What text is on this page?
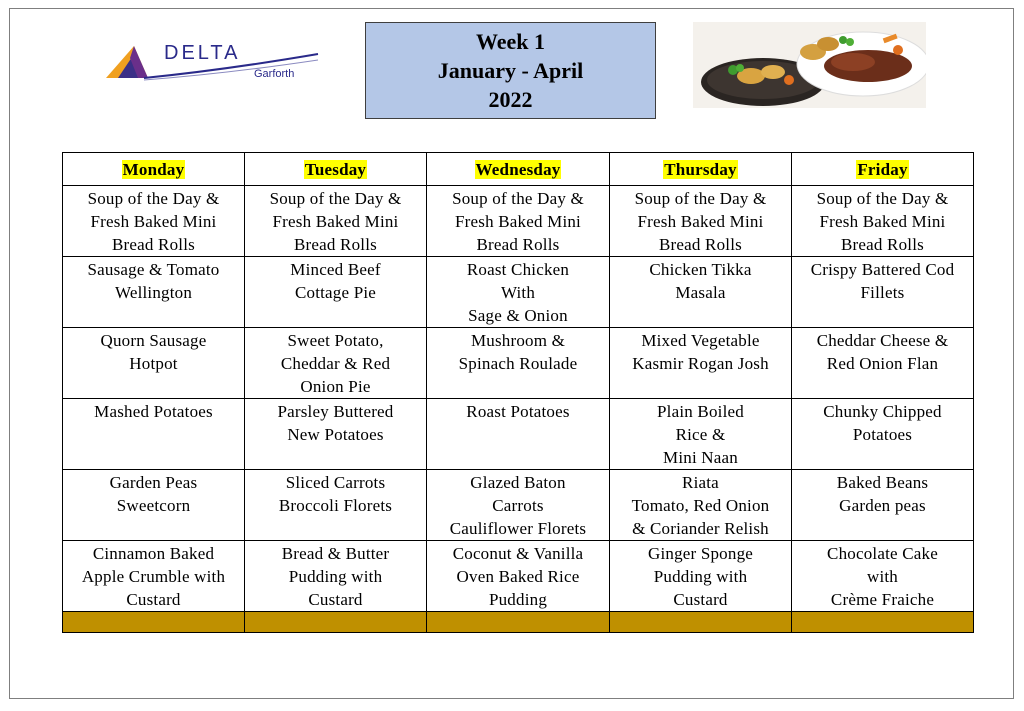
DELTA
Garforth
Week 1
January - April
2022
Monday	Tuesday	Wednesday	Thursday	Friday

Soup of the Day &
Fresh Baked Mini
Bread Rolls	Soup of the Day &
Fresh Baked Mini
Bread Rolls	Soup of the Day &
Fresh Baked Mini
Bread Rolls	Soup of the Day &
Fresh Baked Mini
Bread Rolls	Soup of the Day &
Fresh Baked Mini
Bread Rolls

Sausage & Tomato
Wellington	Minced Beef
Cottage Pie	Roast Chicken
With
Sage & Onion	Chicken Tikka
Masala	Crispy Battered Cod
Fillets

Quorn Sausage
Hotpot	Sweet Potato,
Cheddar & Red
Onion Pie	Mushroom &
Spinach Roulade	Mixed Vegetable
Kasmir Rogan Josh	Cheddar Cheese &
Red Onion Flan

Mashed Potatoes	Parsley Buttered
New Potatoes	Roast Potatoes	Plain Boiled
Rice &
Mini Naan	Chunky Chipped
Potatoes

Garden Peas
Sweetcorn	Sliced Carrots
Broccoli Florets	Glazed Baton
Carrots
Cauliflower Florets	Riata
Tomato, Red Onion
& Coriander Relish	Baked Beans
Garden peas

Cinnamon Baked
Apple Crumble with
Custard	Bread & Butter
Pudding with
Custard	Coconut & Vanilla
Oven Baked Rice
Pudding	Ginger Sponge
Pudding with
Custard	Chocolate Cake
with
Crème Fraiche
